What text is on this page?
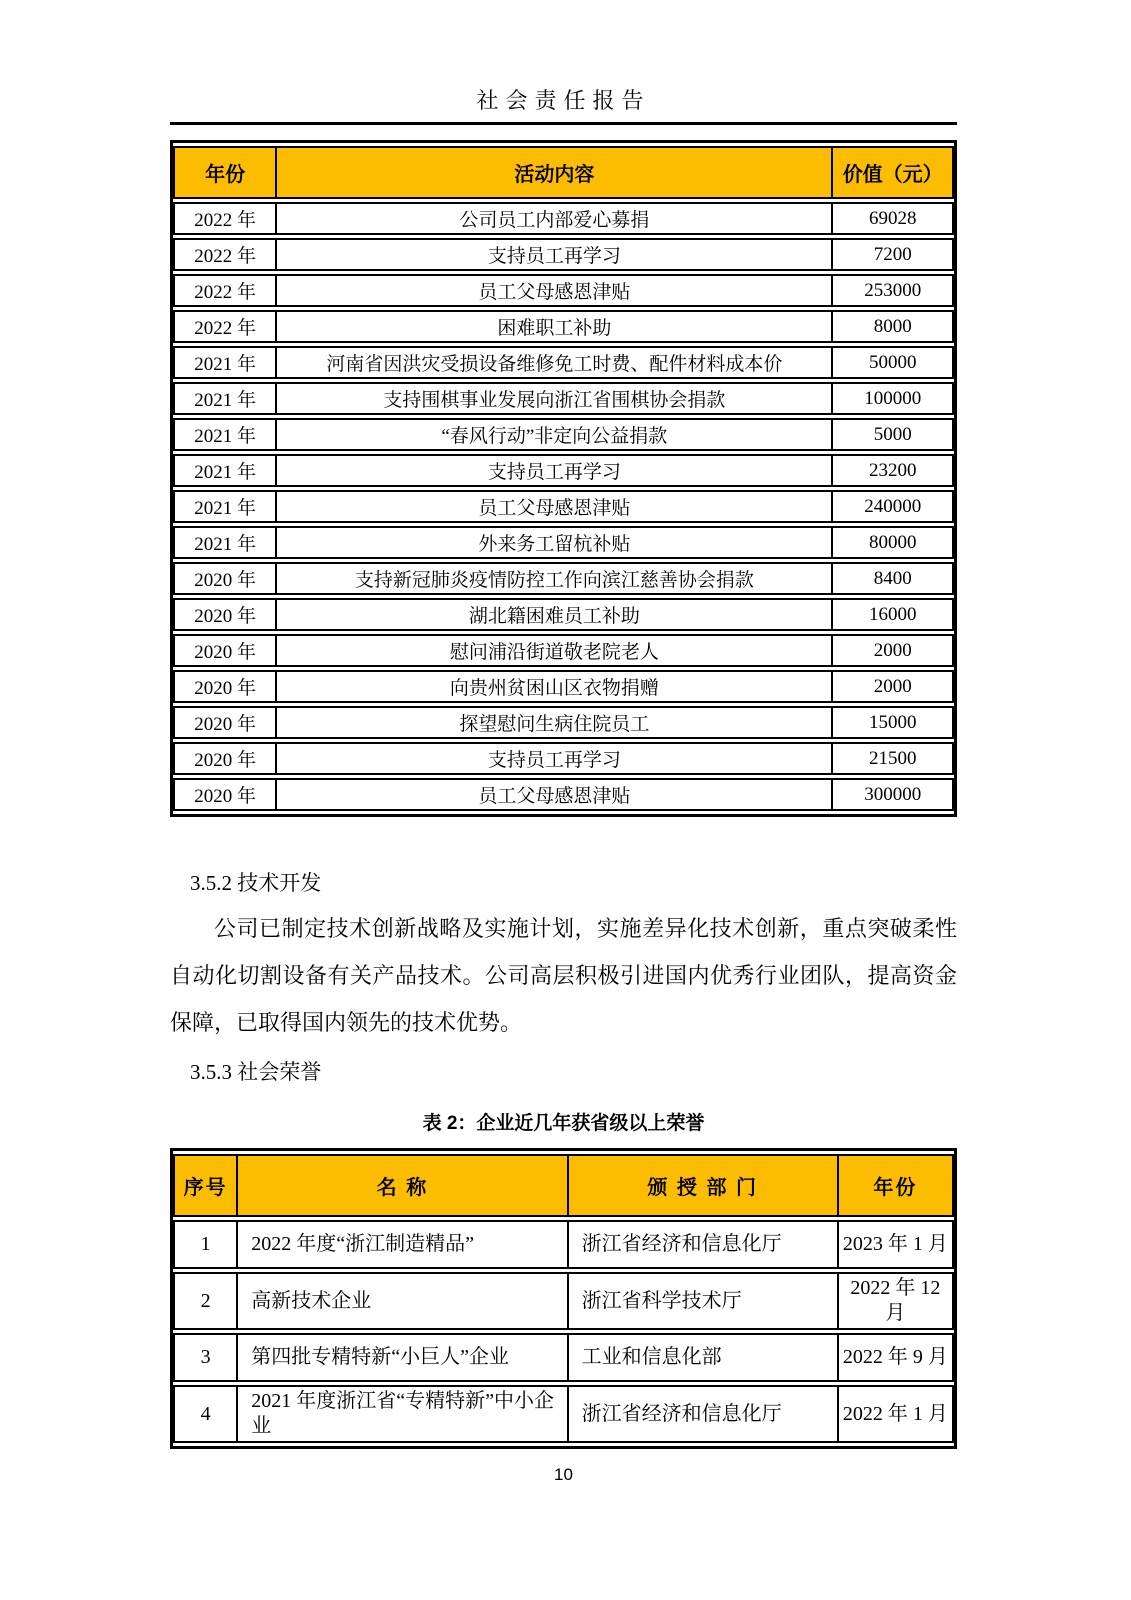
社会责任报告
年份	活动内容	价值（元）
2022 年	公司员工内部爱心募捐	69028
2022 年	支持员工再学习	7200
2022 年	员工父母感恩津贴	253000
2022 年	困难职工补助	8000
2021 年	河南省因洪灾受损设备维修免工时费、配件材料成本价	50000
2021 年	支持围棋事业发展向浙江省围棋协会捐款	100000
2021 年	“春风行动”非定向公益捐款	5000
2021 年	支持员工再学习	23200
2021 年	员工父母感恩津贴	240000
2021 年	外来务工留杭补贴	80000
2020 年	支持新冠肺炎疫情防控工作向滨江慈善协会捐款	8400
2020 年	湖北籍困难员工补助	16000
2020 年	慰问浦沿街道敬老院老人	2000
2020 年	向贵州贫困山区衣物捐赠	2000
2020 年	探望慰问生病住院员工	15000
2020 年	支持员工再学习	21500
2020 年	员工父母感恩津贴	300000
3.5.2 技术开发

公司已制定技术创新战略及实施计划，实施差异化技术创新，重点突破柔性自动化切割设备有关产品技术。公司高层积极引进国内优秀行业团队，提高资金保障，已取得国内领先的技术优势。

3.5.3 社会荣誉
表 2：企业近几年获省级以上荣誉
序号	名 称	颁 授 部 门	年份
1	2022 年度“浙江制造精品”	浙江省经济和信息化厅	2023 年 1 月
2	高新技术企业	浙江省科学技术厅	2022 年 12 月
3	第四批专精特新“小巨人”企业	工业和信息化部	2022 年 9 月
4	2021 年度浙江省“专精特新”中小企业	浙江省经济和信息化厅	2022 年 1 月
10
